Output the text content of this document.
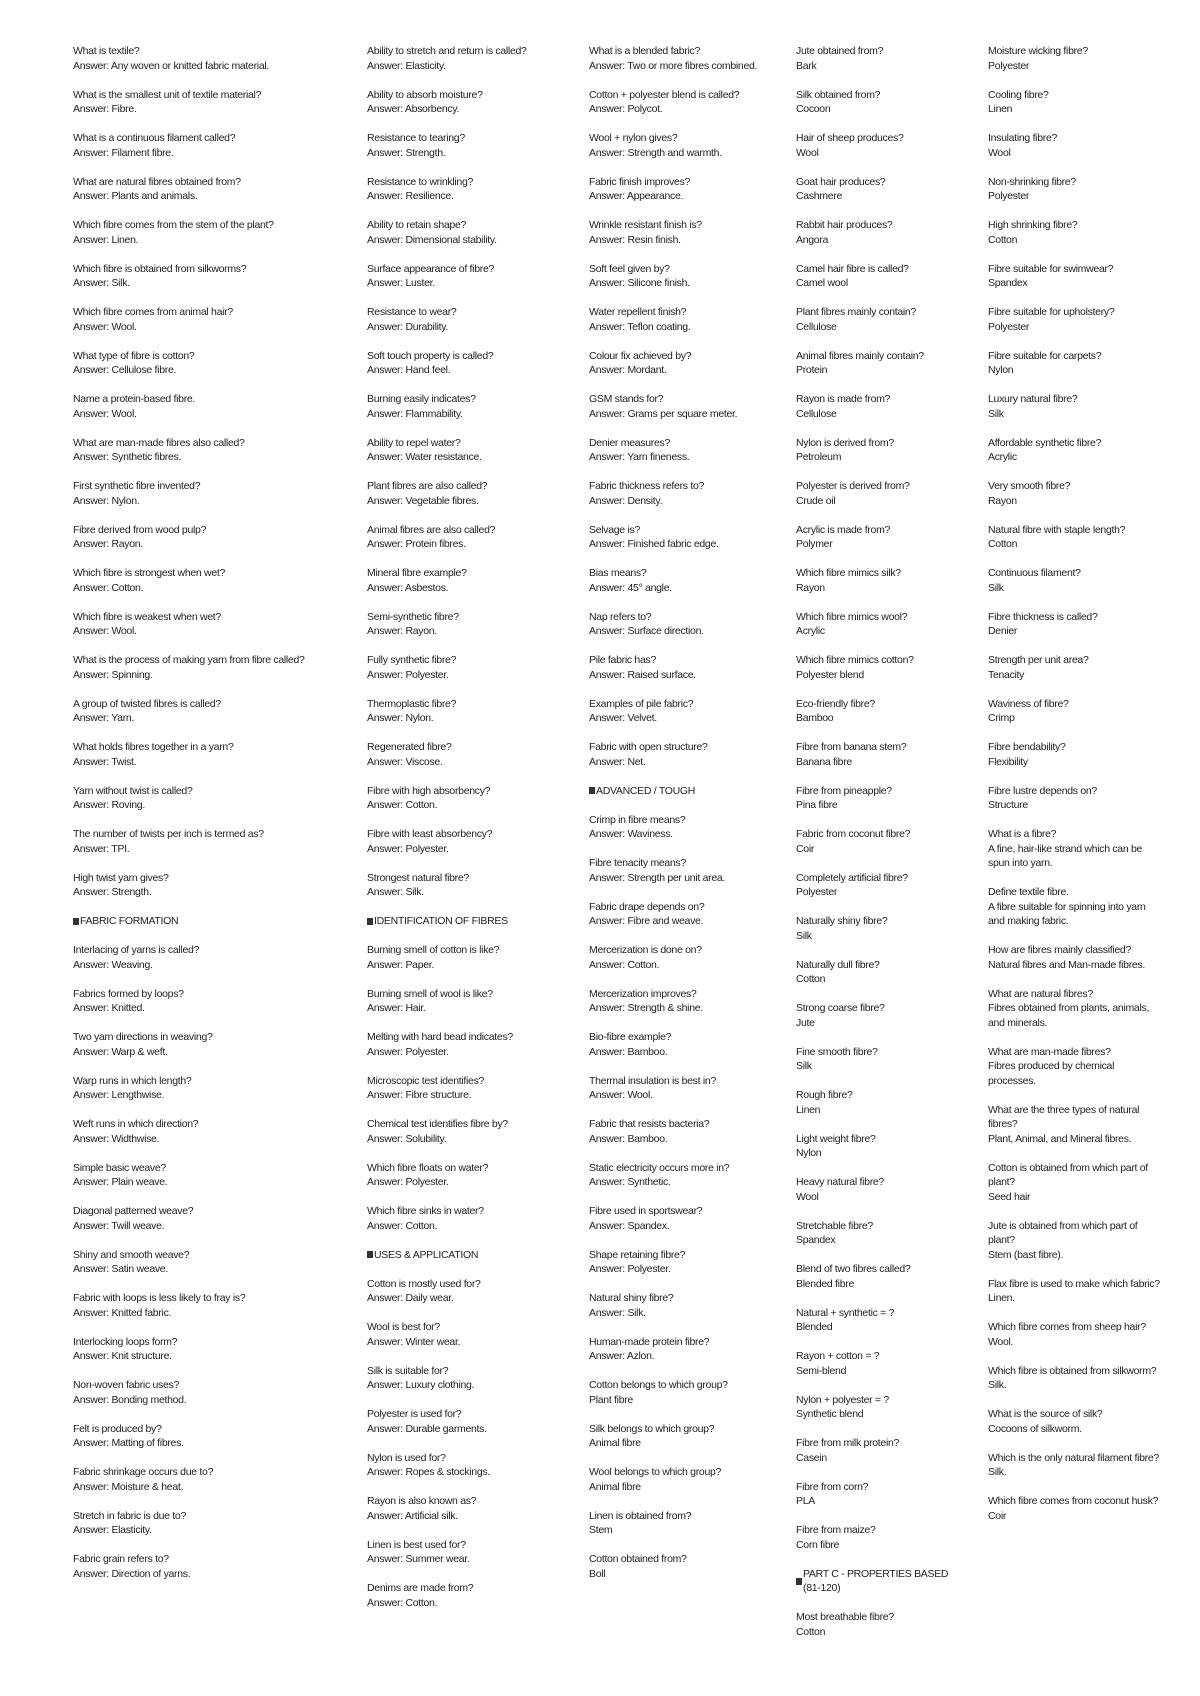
What is textile?
Answer: Any woven or knitted fabric material.
What is the smallest unit of textile material?
Answer: Fibre.
What is a continuous filament called?
Answer: Filament fibre.
What are natural fibres obtained from?
Answer: Plants and animals.
Which fibre comes from the stem of the plant?
Answer: Linen.
Which fibre is obtained from silkworms?
Answer: Silk.
Which fibre comes from animal hair?
Answer: Wool.
What type of fibre is cotton?
Answer: Cellulose fibre.
Name a protein-based fibre.
Answer: Wool.
What are man-made fibres also called?
Answer: Synthetic fibres.
First synthetic fibre invented?
Answer: Nylon.
Fibre derived from wood pulp?
Answer: Rayon.
Which fibre is strongest when wet?
Answer: Cotton.
Which fibre is weakest when wet?
Answer: Wool.
What is the process of making yarn from fibre called?
Answer: Spinning.
A group of twisted fibres is called?
Answer: Yarn.
What holds fibres together in a yarn?
Answer: Twist.
Yarn without twist is called?
Answer: Roving.
The number of twists per inch is termed as?
Answer: TPI.
High twist yarn gives?
Answer: Strength.
FABRIC FORMATION
Interlacing of yarns is called?
Answer: Weaving.
Fabrics formed by loops?
Answer: Knitted.
Two yarn directions in weaving?
Answer: Warp & weft.
Warp runs in which length?
Answer: Lengthwise.
Weft runs in which direction?
Answer: Widthwise.
Simple basic weave?
Answer: Plain weave.
Diagonal patterned weave?
Answer: Twill weave.
Shiny and smooth weave?
Answer: Satin weave.
Fabric with loops is less likely to fray is?
Answer: Knitted fabric.
Interlocking loops form?
Answer: Knit structure.
Non-woven fabric uses?
Answer: Bonding method.
Felt is produced by?
Answer: Matting of fibres.
Fabric shrinkage occurs due to?
Answer: Moisture & heat.
Stretch in fabric is due to?
Answer: Elasticity.
Fabric grain refers to?
Answer: Direction of yarns.
Ability to stretch and return is called?
Answer: Elasticity.
Ability to absorb moisture?
Answer: Absorbency.
Resistance to tearing?
Answer: Strength.
Resistance to wrinkling?
Answer: Resilience.
Ability to retain shape?
Answer: Dimensional stability.
Surface appearance of fibre?
Answer: Luster.
Resistance to wear?
Answer: Durability.
Soft touch property is called?
Answer: Hand feel.
Burning easily indicates?
Answer: Flammability.
Ability to repel water?
Answer: Water resistance.
Plant fibres are also called?
Answer: Vegetable fibres.
Animal fibres are also called?
Answer: Protein fibres.
Mineral fibre example?
Answer: Asbestos.
Semi-synthetic fibre?
Answer: Rayon.
Fully synthetic fibre?
Answer: Polyester.
Thermoplastic fibre?
Answer: Nylon.
Regenerated fibre?
Answer: Viscose.
Fibre with high absorbency?
Answer: Cotton.
Fibre with least absorbency?
Answer: Polyester.
Strongest natural fibre?
Answer: Silk.
IDENTIFICATION OF FIBRES
Burning smell of cotton is like?
Answer: Paper.
Burning smell of wool is like?
Answer: Hair.
Melting with hard bead indicates?
Answer: Polyester.
Microscopic test identifies?
Answer: Fibre structure.
Chemical test identifies fibre by?
Answer: Solubility.
Which fibre floats on water?
Answer: Polyester.
Which fibre sinks in water?
Answer: Cotton.
USES & APPLICATION
Cotton is mostly used for?
Answer: Daily wear.
Wool is best for?
Answer: Winter wear.
Silk is suitable for?
Answer: Luxury clothing.
Polyester is used for?
Answer: Durable garments.
Nylon is used for?
Answer: Ropes & stockings.
Rayon is also known as?
Answer: Artificial silk.
Linen is best used for?
Answer: Summer wear.
Denims are made from?
Answer: Cotton.
What is a blended fabric?
Answer: Two or more fibres combined.
Cotton + polyester blend is called?
Answer: Polycot.
Wool + nylon gives?
Answer: Strength and warmth.
Fabric finish improves?
Answer: Appearance.
Wrinkle resistant finish is?
Answer: Resin finish.
Soft feel given by?
Answer: Silicone finish.
Water repellent finish?
Answer: Teflon coating.
Colour fix achieved by?
Answer: Mordant.
GSM stands for?
Answer: Grams per square meter.
Denier measures?
Answer: Yarn fineness.
Fabric thickness refers to?
Answer: Density.
Selvage is?
Answer: Finished fabric edge.
Bias means?
Answer: 45° angle.
Nap refers to?
Answer: Surface direction.
Pile fabric has?
Answer: Raised surface.
Examples of pile fabric?
Answer: Velvet.
Fabric with open structure?
Answer: Net.
ADVANCED / TOUGH
Crimp in fibre means?
Answer: Waviness.
Fibre tenacity means?
Answer: Strength per unit area.
Fabric drape depends on?
Answer: Fibre and weave.
Mercerization is done on?
Answer: Cotton.
Mercerization improves?
Answer: Strength & shine.
Bio-fibre example?
Answer: Bamboo.
Thermal insulation is best in?
Answer: Wool.
Fabric that resists bacteria?
Answer: Bamboo.
Static electricity occurs more in?
Answer: Synthetic.
Fibre used in sportswear?
Answer: Spandex.
Shape retaining fibre?
Answer: Polyester.
Natural shiny fibre?
Answer: Silk.
Human-made protein fibre?
Answer: Azlon.
Cotton belongs to which group?
Plant fibre
Silk belongs to which group?
Animal fibre
Wool belongs to which group?
Animal fibre
Linen is obtained from?
Stem
Cotton obtained from?
Boll
Jute obtained from?
Bark
Silk obtained from?
Cocoon
Hair of sheep produces?
Wool
Goat hair produces?
Cashmere
Rabbit hair produces?
Angora
Camel hair fibre is called?
Camel wool
Plant fibres mainly contain?
Cellulose
Animal fibres mainly contain?
Protein
Rayon is made from?
Cellulose
Nylon is derived from?
Petroleum
Polyester is derived from?
Crude oil
Acrylic is made from?
Polymer
Which fibre mimics silk?
Rayon
Which fibre mimics wool?
Acrylic
Which fibre mimics cotton?
Polyester blend
Eco-friendly fibre?
Bamboo
Fibre from banana stem?
Banana fibre
Fibre from pineapple?
Pina fibre
Fabric from coconut fibre?
Coir
Completely artificial fibre?
Polyester
Naturally shiny fibre?
Silk
Naturally dull fibre?
Cotton
Strong coarse fibre?
Jute
Fine smooth fibre?
Silk
Rough fibre?
Linen
Light weight fibre?
Nylon
Heavy natural fibre?
Wool
Stretchable fibre?
Spandex
Blend of two fibres called?
Blended fibre
Natural + synthetic = ?
Blended
Rayon + cotton = ?
Semi-blend
Nylon + polyester = ?
Synthetic blend
Fibre from milk protein?
Casein
Fibre from corn?
PLA
Fibre from maize?
Corn fibre
PART C - PROPERTIES BASED (81-120)
Most breathable fibre?
Cotton
Moisture wicking fibre?
Polyester
Cooling fibre?
Linen
Insulating fibre?
Wool
Non-shrinking fibre?
Polyester
High shrinking fibre?
Cotton
Fibre suitable for swimwear?
Spandex
Fibre suitable for upholstery?
Polyester
Fibre suitable for carpets?
Nylon
Luxury natural fibre?
Silk
Affordable synthetic fibre?
Acrylic
Very smooth fibre?
Rayon
Natural fibre with staple length?
Cotton
Continuous filament?
Silk
Fibre thickness is called?
Denier
Strength per unit area?
Tenacity
Waviness of fibre?
Crimp
Fibre bendability?
Flexibility
Fibre lustre depends on?
Structure
What is a fibre?
A fine, hair-like strand which can be spun into yarn.
Define textile fibre.
A fibre suitable for spinning into yarn and making fabric.
How are fibres mainly classified?
Natural fibres and Man-made fibres.
What are natural fibres?
Fibres obtained from plants, animals, and minerals.
What are man-made fibres?
Fibres produced by chemical processes.
What are the three types of natural fibres?
Plant, Animal, and Mineral fibres.
Cotton is obtained from which part of plant?
Seed hair
Jute is obtained from which part of plant?
Stem (bast fibre).
Flax fibre is used to make which fabric?
Linen.
Which fibre comes from sheep hair?
Wool.
Which fibre is obtained from silkworm?
Silk.
What is the source of silk?
Cocoons of silkworm.
Which is the only natural filament fibre?
Silk.
Which fibre comes from coconut husk?
Coir
